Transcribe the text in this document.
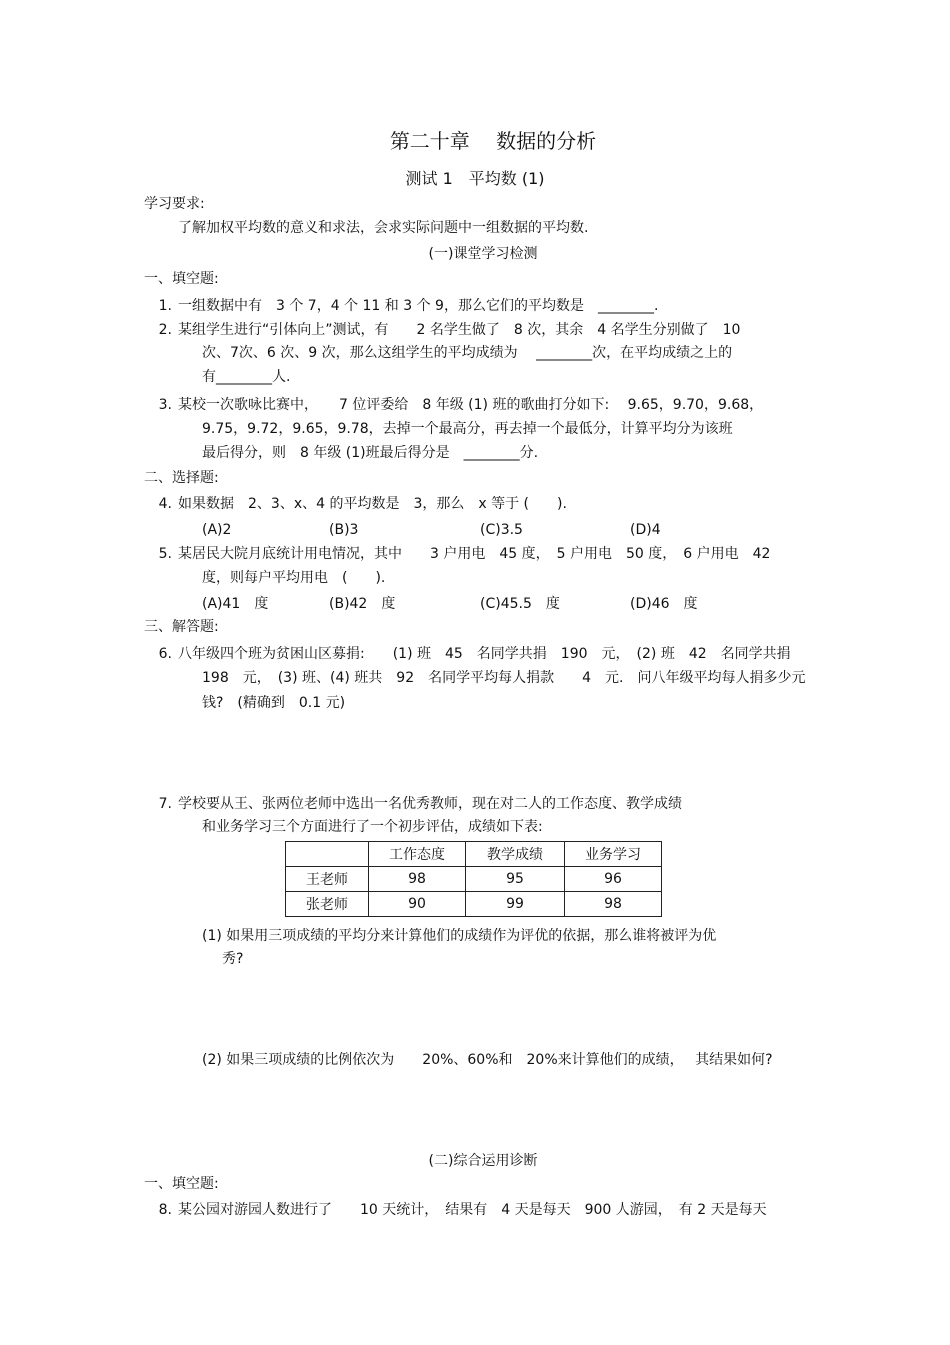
第二十章　 数据的分析
测试 1　平均数 (1)
学习要求:
了解加权平均数的意义和求法，会求实际问题中一组数据的平均数.
(一)课堂学习检测
一、填空题:
1. 一组数据中有　3 个 7，4 个 11 和 3 个 9，那么它们的平均数是　________.
2. 某组学生进行“引体向上”测试，有　　2 名学生做了　8 次，其余　4 名学生分别做了　10
次、7次、6 次、9 次，那么这组学生的平均成绩为　 ________次，在平均成绩之上的
有________人.
3. 某校一次歌咏比赛中，　　7 位评委给　8 年级 (1) 班的歌曲打分如下:　 9.65，9.70，9.68，
9.75，9.72，9.65，9.78，去掉一个最高分，再去掉一个最低分，计算平均分为该班
最后得分，则　8 年级 (1)班最后得分是　________分.
二、选择题:
4. 如果数据　2、3、x、4 的平均数是　3，那么　x 等于 (　　).
(A)2	(B)3	(C)3.5	(D)4
5. 某居民大院月底统计用电情况，其中　　3 户用电　45 度，　5 户用电　50 度，　6 户用电　42
度，则每户平均用电　(　　).
(A)41　度	(B)42　度	(C)45.5　度	(D)46　度
三、解答题:
6. 八年级四个班为贫困山区募捐:　　(1) 班　45　名同学共捐　190　元，　(2) 班　42　名同学共捐
198　元，　(3) 班、(4) 班共　92　名同学平均每人捐款　　4　元.　问八年级平均每人捐多少元
钱?　(精确到　0.1 元)
7. 学校要从王、张两位老师中选出一名优秀教师，现在对二人的工作态度、教学成绩
和业务学习三个方面进行了一个初步评估，成绩如下表:
	工作态度	教学成绩	业务学习
王老师	98	95	96
张老师	90	99	98
(1) 如果用三项成绩的平均分来计算他们的成绩作为评优的依据，那么谁将被评为优
秀?
(2) 如果三项成绩的比例依次为　　20%、60%和　20%来计算他们的成绩，　 其结果如何?
(二)综合运用诊断
一、填空题:
8. 某公园对游园人数进行了　　10 天统计，　结果有　4 天是每天　900 人游园，　有 2 天是每天
